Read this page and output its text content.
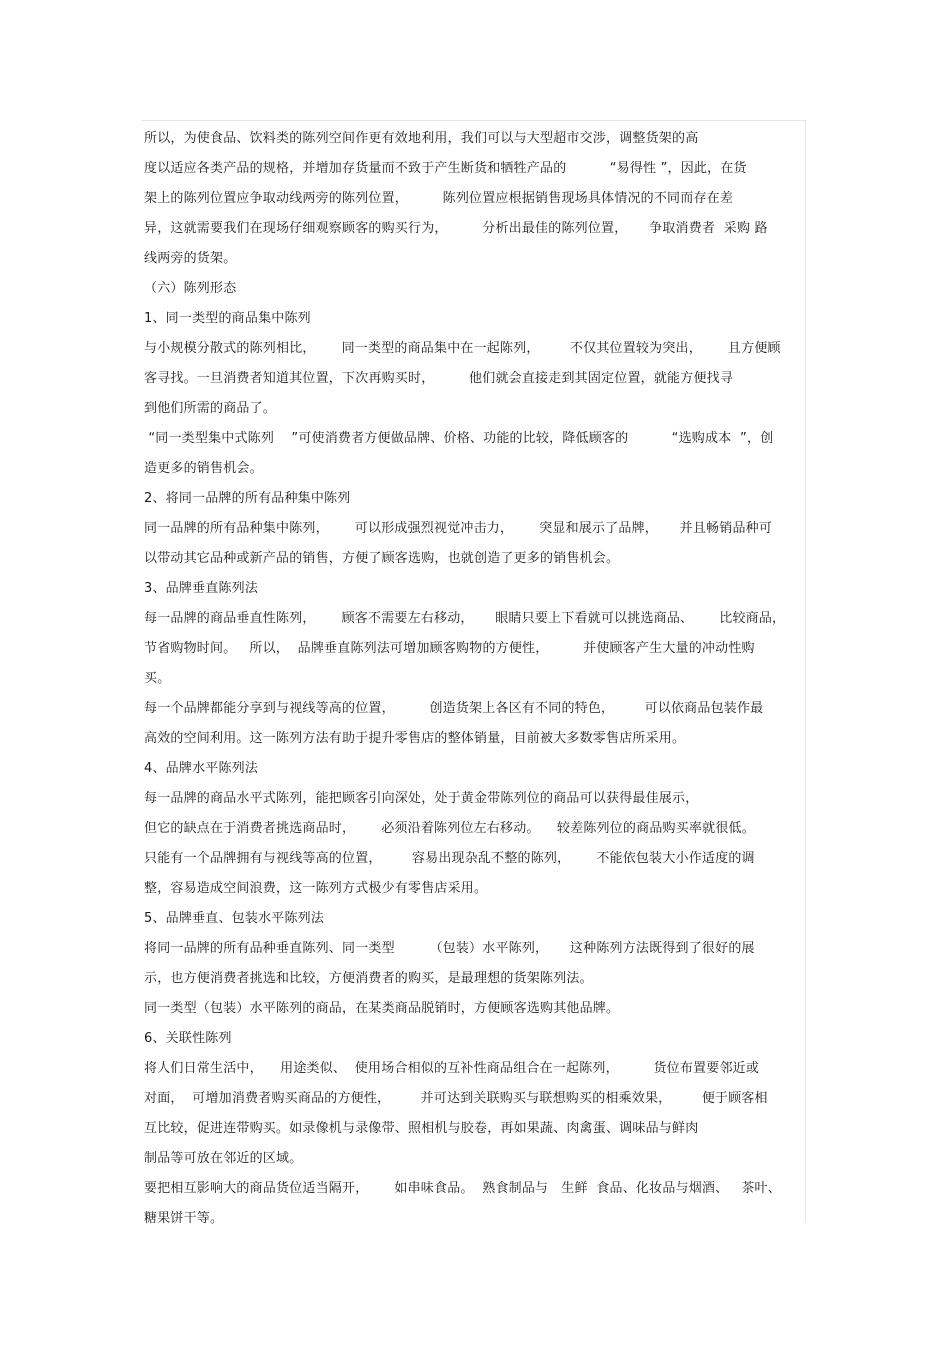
所以，为使食品、饮料类的陈列空间作更有效地利用，我们可以与大型超市交涉，调整货架的高
度以适应各类产品的规格，并增加存货量而不致于产生断货和牺牲产品的          “易得性 ”，因此，在货
架上的陈列位置应争取动线两旁的陈列位置，        陈列位置应根据销售现场具体情况的不同而存在差
异，这就需要我们在现场仔细观察顾客的购买行为，        分析出最佳的陈列位置，     争取消费者  采购 路
线两旁的货架。
（六）陈列形态
1、同一类型的商品集中陈列
与小规模分散式的陈列相比，      同一类型的商品集中在一起陈列，       不仅其位置较为突出，      且方便顾
客寻找。一旦消费者知道其位置，下次再购买时，        他们就会直接走到其固定位置，就能方便找寻
到他们所需的商品了。
“同一类型集中式陈列    ”可使消费者方便做品牌、价格、功能的比较，降低顾客的          “选购成本  ”，创
造更多的销售机会。
2、将同一品牌的所有品种集中陈列
同一品牌的所有品种集中陈列，      可以形成强烈视觉冲击力，      突显和展示了品牌，     并且畅销品种可
以带动其它品种或新产品的销售，方便了顾客选购，也就创造了更多的销售机会。
3、品牌垂直陈列法
每一品牌的商品垂直性陈列，      顾客不需要左右移动，     眼睛只要上下看就可以挑选商品、      比较商品，
节省购物时间。   所以，  品牌垂直陈列法可增加顾客购物的方便性，        并使顾客产生大量的冲动性购
买。
每一个品牌都能分享到与视线等高的位置，        创造货架上各区有不同的特色，       可以依商品包装作最
高效的空间利用。这一陈列方法有助于提升零售店的整体销量，目前被大多数零售店所采用。
4、品牌水平陈列法
每一品牌的商品水平式陈列，能把顾客引向深处，处于黄金带陈列位的商品可以获得最佳展示，
但它的缺点在于消费者挑选商品时，      必须沿着陈列位左右移动。    较差陈列位的商品购买率就很低。
只能有一个品牌拥有与视线等高的位置，       容易出现杂乱不整的陈列，      不能依包装大小作适度的调
整，容易造成空间浪费，这一陈列方式极少有零售店采用。
5、品牌垂直、包装水平陈列法
将同一品牌的所有品种垂直陈列、同一类型        （包装）水平陈列，     这种陈列方法既得到了很好的展
示，也方便消费者挑选和比较，方便消费者的购买，是最理想的货架陈列法。
同一类型（包装）水平陈列的商品，在某类商品脱销时，方便顾客选购其他品牌。
6、关联性陈列
将人们日常生活中，    用途类似、  使用场合相似的互补性商品组合在一起陈列，        货位布置要邻近或
对面，  可增加消费者购买商品的方便性，       并可达到关联购买与联想购买的相乘效果，       便于顾客相
互比较，促进连带购买。如录像机与录像带、照相机与胶卷，再如果蔬、肉禽蛋、调味品与鲜肉
制品等可放在邻近的区域。
要把相互影响大的商品货位适当隔开，      如串味食品。  熟食制品与   生鲜  食品、化妆品与烟酒、   茶叶、
糖果饼干等。
